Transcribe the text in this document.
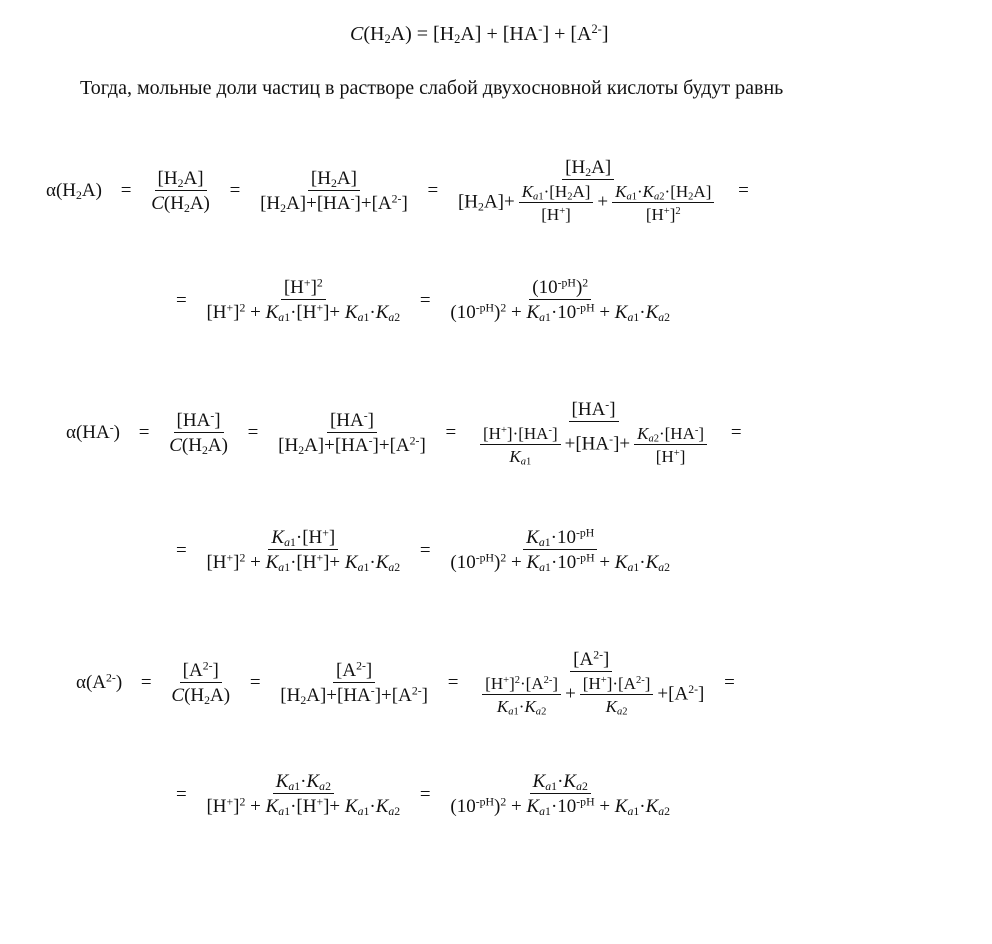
$C(H_2A) = [H_2A] + [HA^-] + [A^{2-}]$
Тогда, мольные доли частиц в растворе слабой двухосновной кислоты будут равнь
$\alpha(H_2A) = \frac{[H_2A]}{C(H_2A)} = \frac{[H_2A]}{[H_2A]+[HA^-]+[A^{2-}]} = \frac{[H_2A]}{[H_2A]+ \frac{K_{a1}\cdot[H_2A]}{[H^+]} + \frac{K_{a1}\cdot K_{a2}\cdot[H_2A]}{[H^+]^2}}$ =
= $\frac{[H^+]^2}{[H^+]^2 + K_{a1}\cdot[H^+]+ K_{a1}\cdot K_{a2}} = \frac{(10^{-pH})^2}{(10^{-pH})^2 + K_{a1}\cdot 10^{-pH} + K_{a1}\cdot K_{a2}}$
$\alpha(HA^-) = \frac{[HA^-]}{C(H_2A)} = \frac{[HA^-]}{[H_2A]+[HA^-]+[A^{2-}]} = \frac{[HA^-]}{\frac{[H^+]\cdot[HA^-]}{K_{a1}} +[HA^-]+ \frac{K_{a2}\cdot[HA^-]}{[H^+]}}$ =
= $\frac{K_{a1}\cdot[H^+]}{[H^+]^2 + K_{a1}\cdot[H^+]+ K_{a1}\cdot K_{a2}} = \frac{K_{a1}\cdot 10^{-pH}}{(10^{-pH})^2 + K_{a1}\cdot 10^{-pH} + K_{a1}\cdot K_{a2}}$
$\alpha(A^{2-}) = \frac{[A^{2-}]}{C(H_2A)} = \frac{[A^{2-}]}{[H_2A]+[HA^-]+[A^{2-}]} = \frac{[A^{2-}]}{\frac{[H^+]^2\cdot[A^{2-}]}{K_{a1}\cdot K_{a2}} + \frac{[H^+]\cdot[A^{2-}]}{K_{a2}} +[A^{2-}]}$ =
= $\frac{K_{a1}\cdot K_{a2}}{[H^+]^2 + K_{a1}\cdot[H^+]+ K_{a1}\cdot K_{a2}} = \frac{K_{a1}\cdot K_{a2}}{(10^{-pH})^2 + K_{a1}\cdot 10^{-pH} + K_{a1}\cdot K_{a2}}$
